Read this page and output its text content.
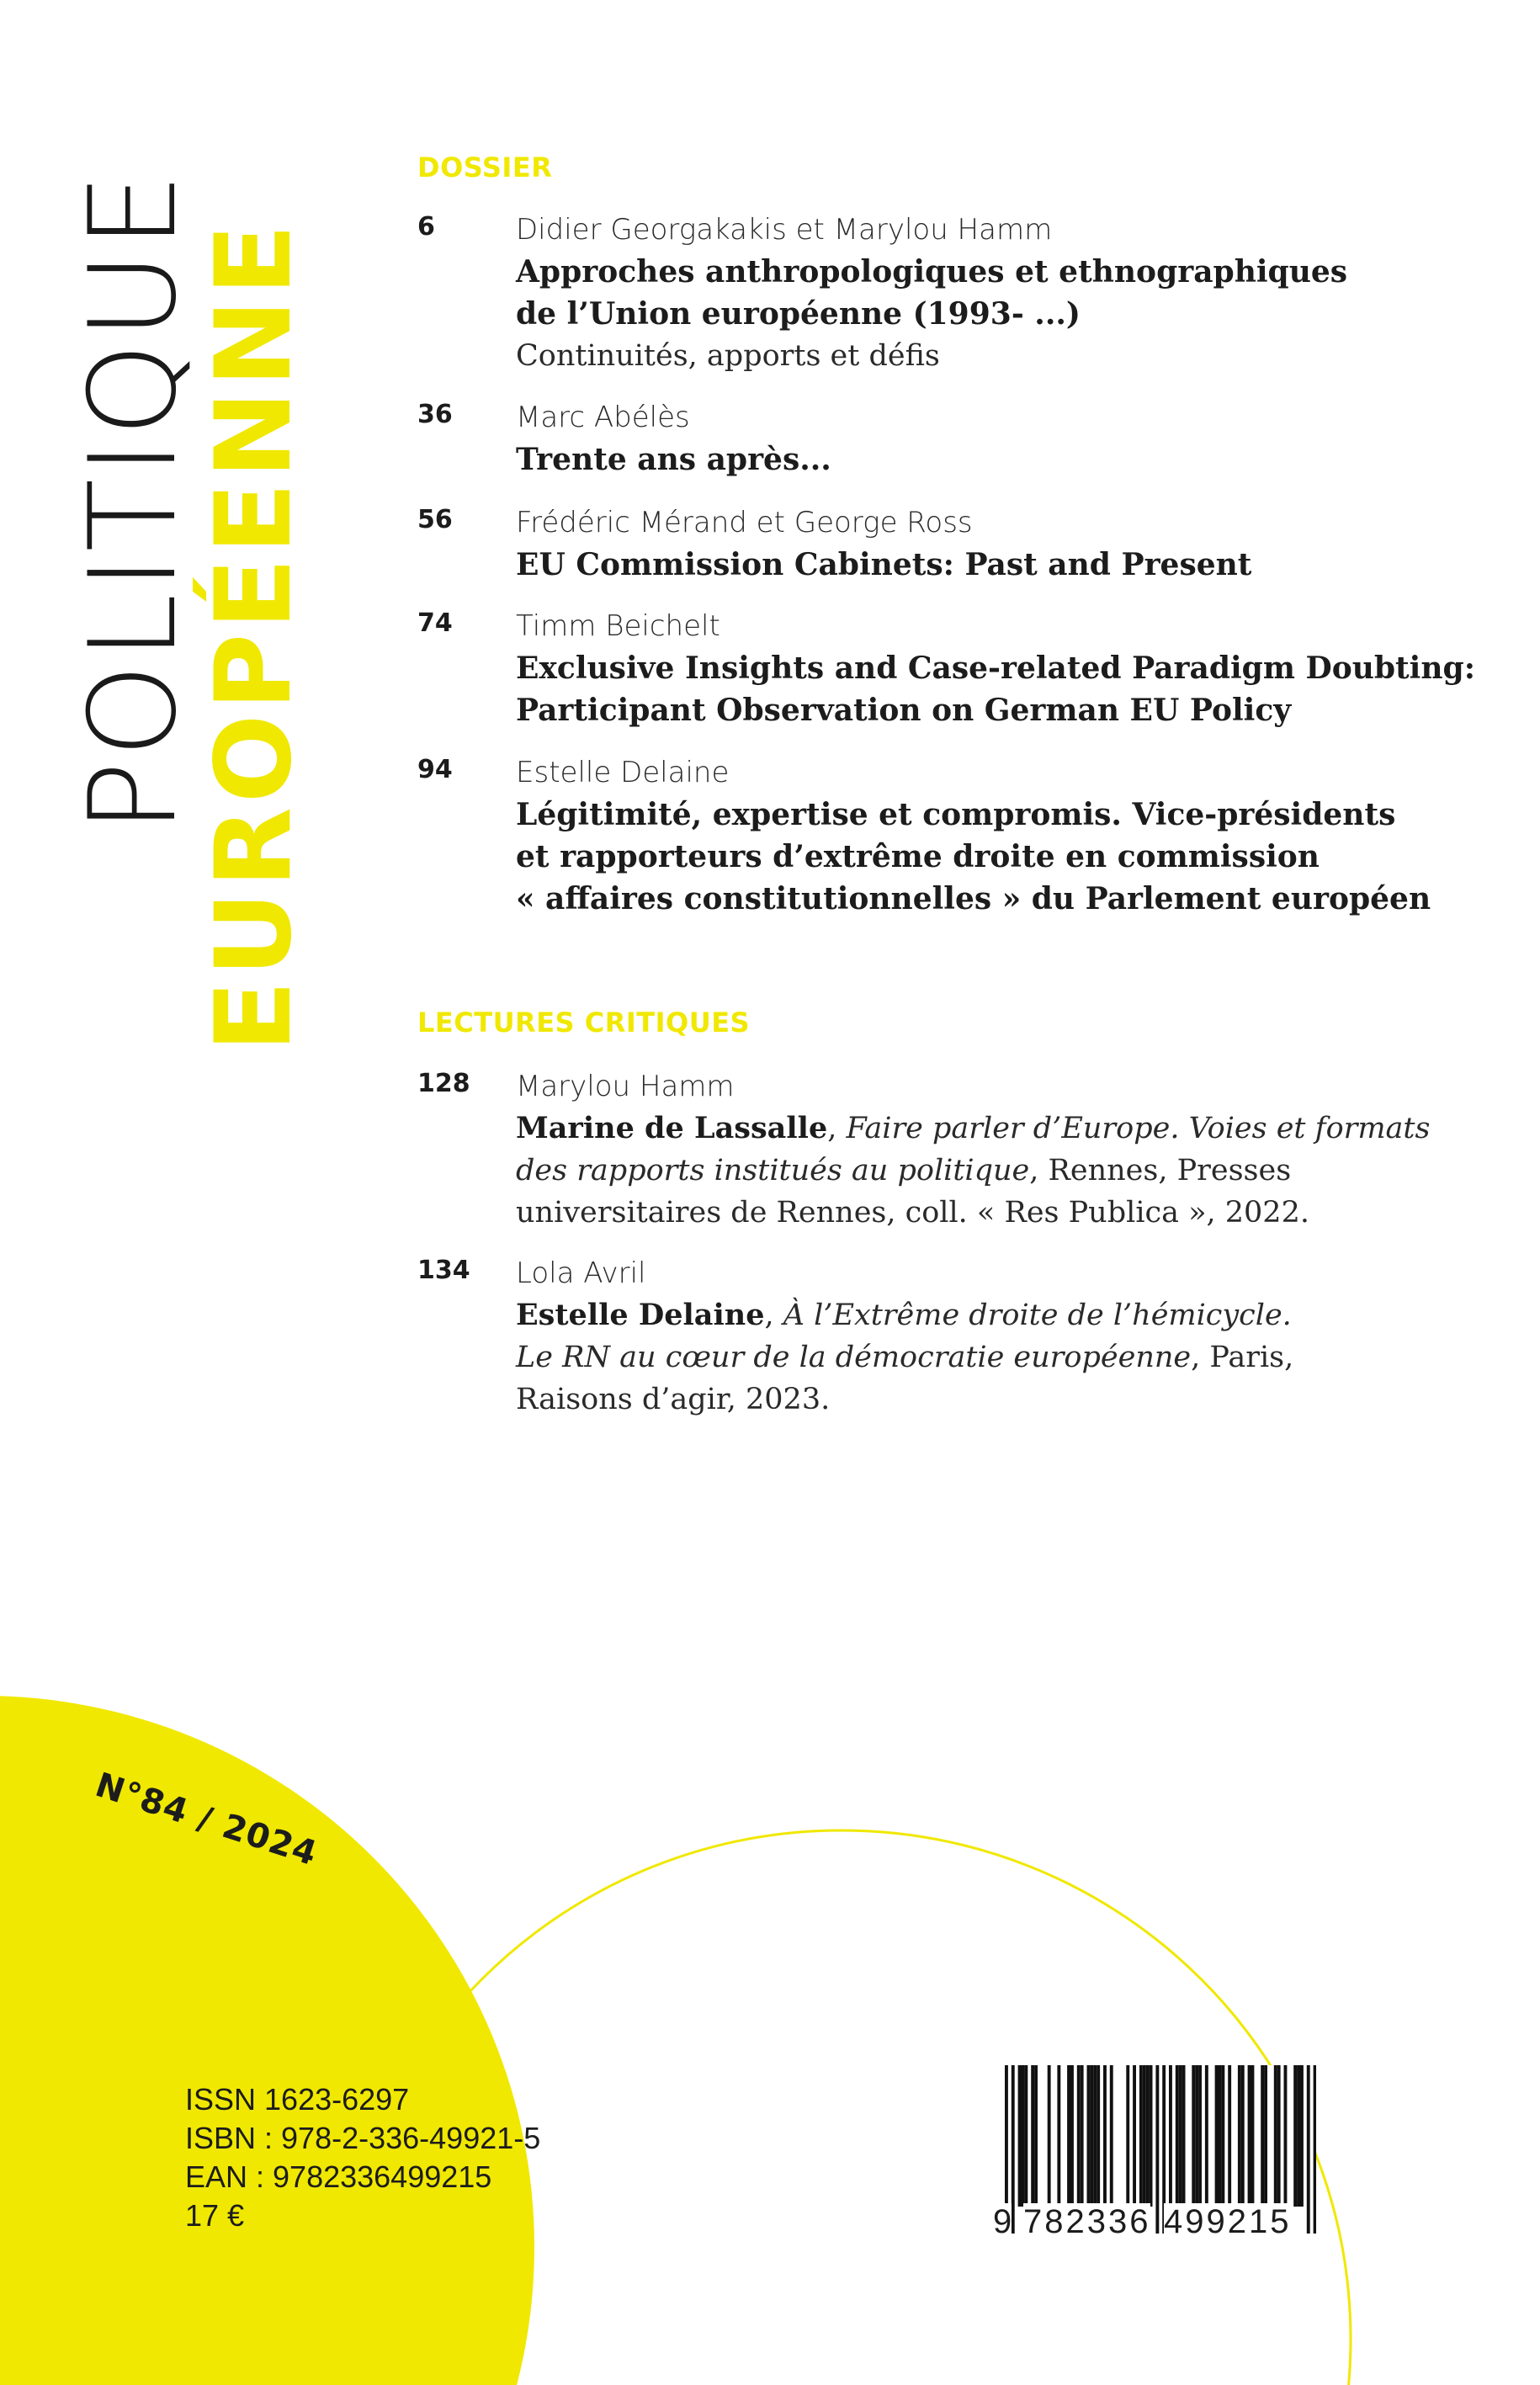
POLITIQUE
EUROPÉENNE
DOSSIER
6	Didier Georgakakis et Marylou Hamm
Approches anthropologiques et ethnographiques
de l’Union européenne (1993- ...)
Continuités, apports et défis
36 Marc Abélès
Trente ans après...
56 Frédéric Mérand et George Ross
EU Commission Cabinets: Past and Present
74 Timm Beichelt
Exclusive Insights and Case-related Paradigm Doubting:
Participant Observation on German EU Policy
94 Estelle Delaine
Légitimité, expertise et compromis. Vice-présidents
et rapporteurs d’extrême droite en commission
« affaires constitutionnelles » du Parlement européen
LECTURES CRITIQUES
128 Marylou Hamm
Marine de Lassalle, Faire parler d’Europe. Voies et formats
des rapports institués au politique, Rennes, Presses
universitaires de Rennes, coll. « Res Publica », 2022.
134 Lola Avril
Estelle Delaine, À l’Extrême droite de l’hémicycle.
Le RN au cœur de la démocratie européenne, Paris,
Raisons d’agir, 2023.
N°84 / 2024
ISSN 1623-6297
ISBN : 978-2-336-49921-5
EAN : 9782336499215
17 €	9 782336 499215
